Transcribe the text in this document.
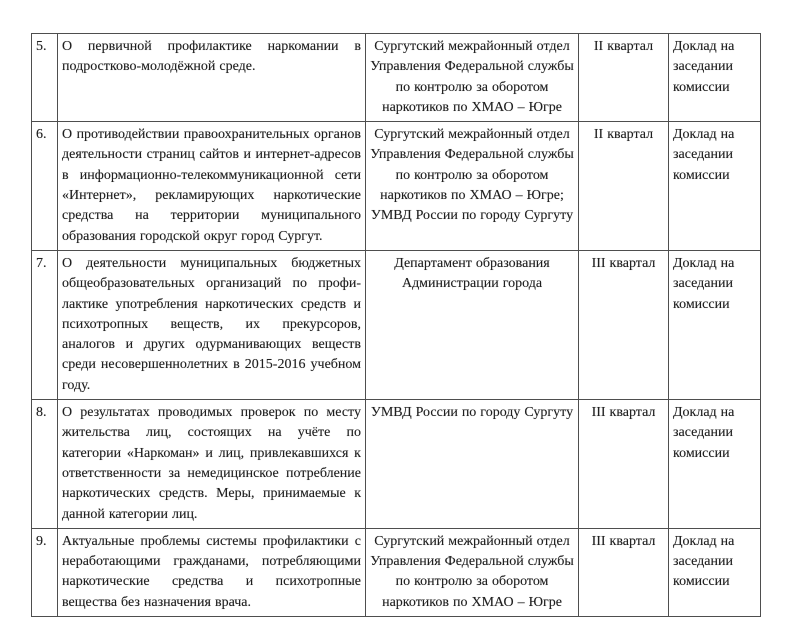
5.	О первичной профилактике наркомании в подростково-молодёжной среде.	Сургутский межрайонный отдел Управления Федеральной службы по контролю за оборотом наркотиков по ХМАО – Югре	II квартал	Доклад на заседании комиссии
6.	О противодействии правоохранительных органов деятельности страниц сайтов и интернет-адресов в информационно-телекоммуникационной сети «Интернет», рекламирующих наркотические средства на территории муниципального образования городской округ город Сургут.	Сургутский межрайонный отдел Управления Федеральной службы по контролю за оборотом наркотиков по ХМАО – Югре; УМВД России по городу Сургуту	II квартал	Доклад на заседании комиссии
7.	О деятельности муниципальных бюджетных общеобразовательных организаций по профи-лактике употребления наркотических средств и психотропных веществ, их прекурсоров, аналогов и других одурманивающих веществ среди несовершеннолетних в 2015-2016 учебном году.	Департамент образования Администрации города	III квартал	Доклад на заседании комиссии
8.	О результатах проводимых проверок по месту жительства лиц, состоящих на учёте по категории «Наркоман» и лиц, привлекавшихся к ответственности за немедицинское потребление наркотических средств. Меры, принимаемые к данной категории лиц.	УМВД России по городу Сургуту	III квартал	Доклад на заседании комиссии
9.	Актуальные проблемы системы профилактики с неработающими гражданами, потребляющими наркотические средства и психотропные вещества без назначения врача.	Сургутский межрайонный отдел Управления Федеральной службы по контролю за оборотом наркотиков по ХМАО – Югре	III квартал	Доклад на заседании комиссии
